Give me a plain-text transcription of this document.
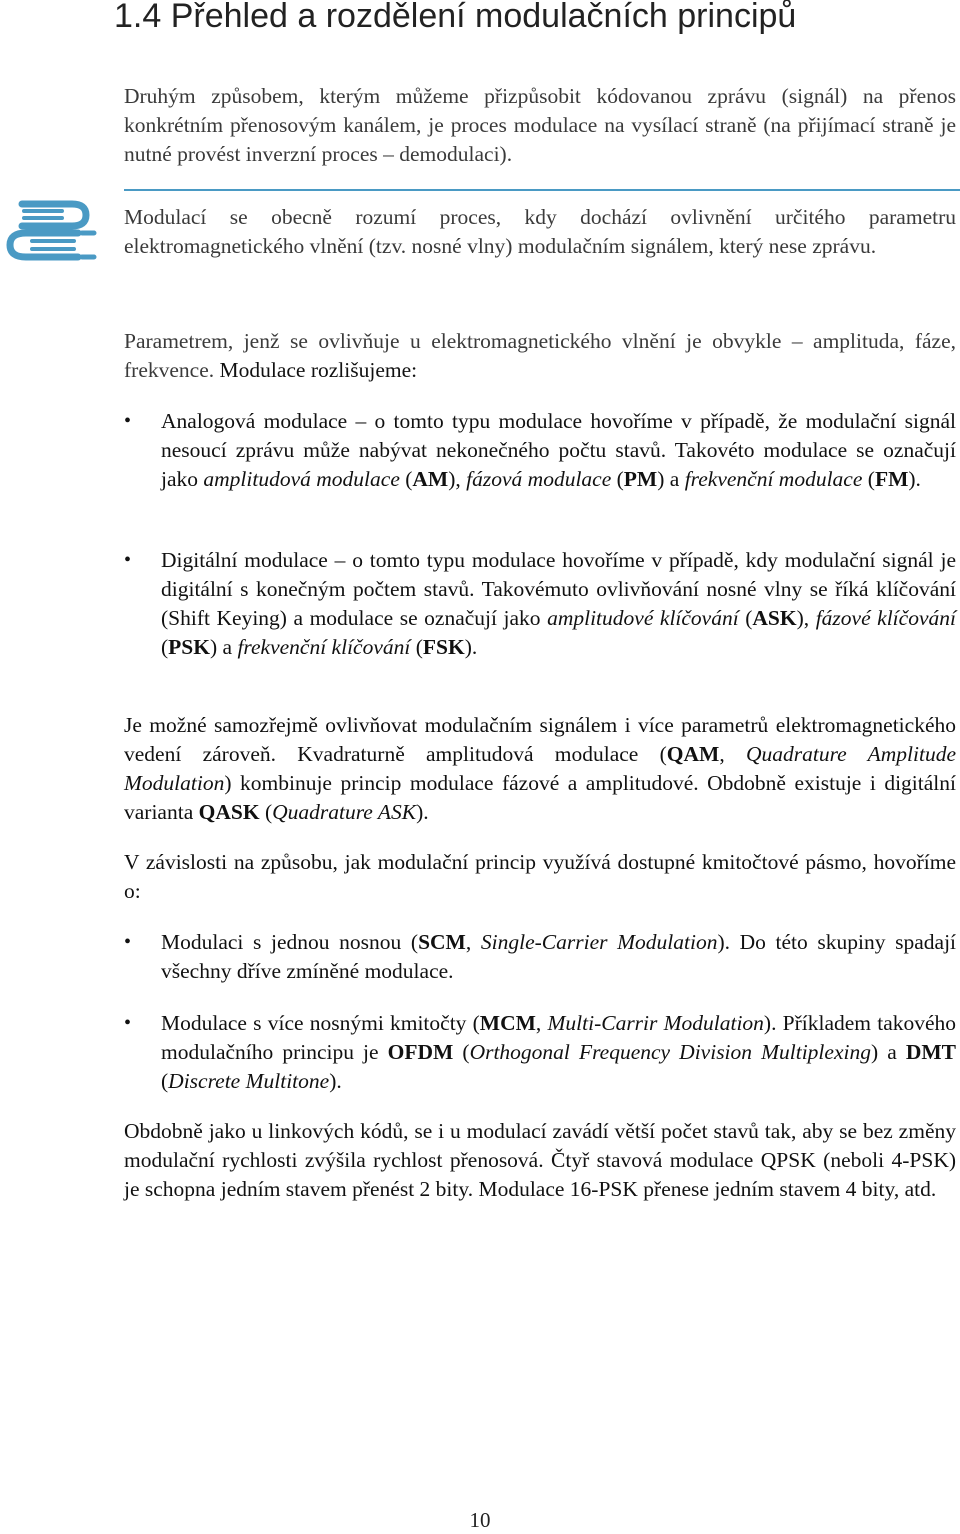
1.4 Přehled a rozdělení modulačních principů

Druhým způsobem, kterým můžeme přizpůsobit kódovanou zprávu (signál) na přenos konkrétním přenosovým kanálem, je proces modulace na vysílací straně (na přijímací straně je nutné provést inverzní proces – demodulaci).

Modulací se obecně rozumí proces, kdy dochází ovlivnění určitého parametru elektromagnetického vlnění (tzv. nosné vlny) modulačním signálem, který nese zprávu.

Parametrem, jenž se ovlivňuje u elektromagnetického vlnění je obvykle – amplituda, fáze, frekvence. Modulace rozlišujeme:

•	Analogová modulace – o tomto typu modulace hovoříme v případě, že modulační signál nesoucí zprávu může nabývat nekonečného počtu stavů. Takovéto modulace se označují jako amplitudová modulace (AM), fázová modulace (PM) a frekvenční modulace (FM).
•	Digitální modulace – o tomto typu modulace hovoříme v případě, kdy modulační signál je digitální s konečným počtem stavů. Takovémuto ovlivňování nosné vlny se říká klíčování (Shift Keying) a modulace se označují jako amplitudové klíčování (ASK), fázové klíčování (PSK) a frekvenční klíčování (FSK).

Je možné samozřejmě ovlivňovat modulačním signálem i více parametrů elektromagnetického vedení zároveň. Kvadraturně amplitudová modulace (QAM, Quadrature Amplitude Modulation) kombinuje princip modulace fázové a amplitudové. Obdobně existuje i digitální varianta QASK (Quadrature ASK).

V závislosti na způsobu, jak modulační princip využívá dostupné kmitočtové pásmo, hovoříme o:

•	Modulaci s jednou nosnou (SCM, Single-Carrier Modulation). Do této skupiny spadají všechny dříve zmíněné modulace.
•	Modulace s více nosnými kmitočty (MCM, Multi-Carrir Modulation). Příkladem takového modulačního principu je OFDM (Orthogonal Frequency Division Multiplexing) a DMT (Discrete Multitone).

Obdobně jako u linkových kódů, se i u modulací zavádí větší počet stavů tak, aby se bez změny modulační rychlosti zvýšila rychlost přenosová. Čtyř stavová modulace QPSK (neboli 4-PSK) je schopna jedním stavem přenést 2 bity. Modulace 16-PSK přenese jedním stavem 4 bity, atd.

10
